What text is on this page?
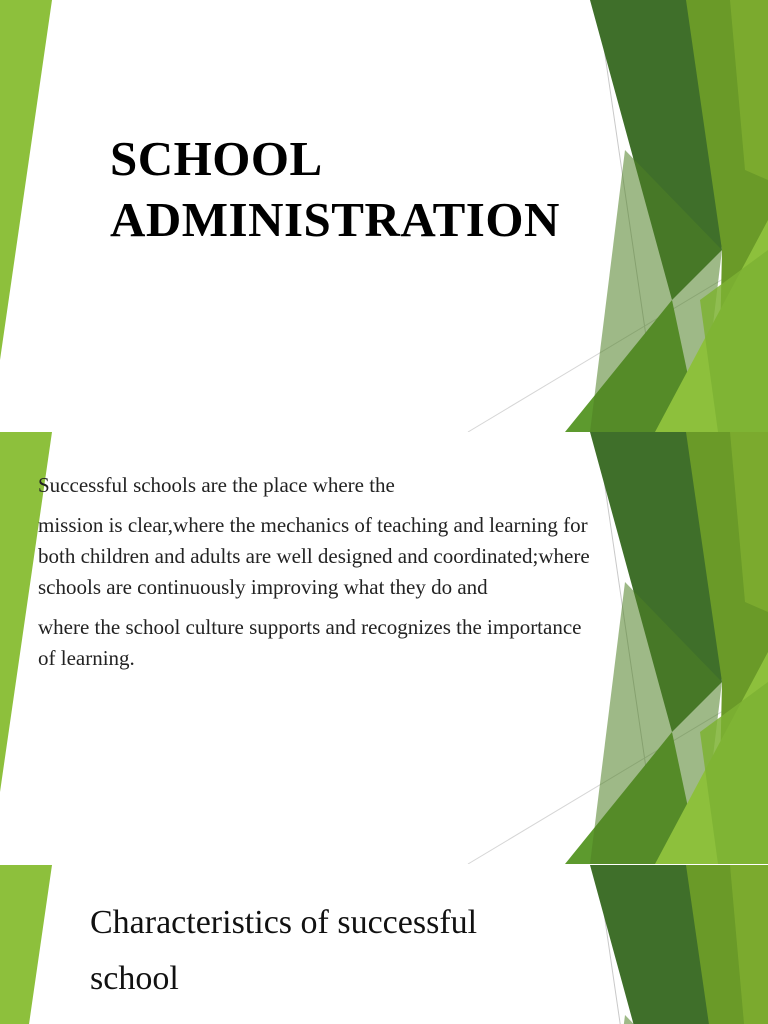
SCHOOL
ADMINISTRATION

Successful schools are the place where the

mission is clear,where the mechanics of teaching and learning for both children and adults are well designed and coordinated;where schools are continuously improving what they do and

where the school culture supports and recognizes the importance of learning.

Characteristics of successful school
